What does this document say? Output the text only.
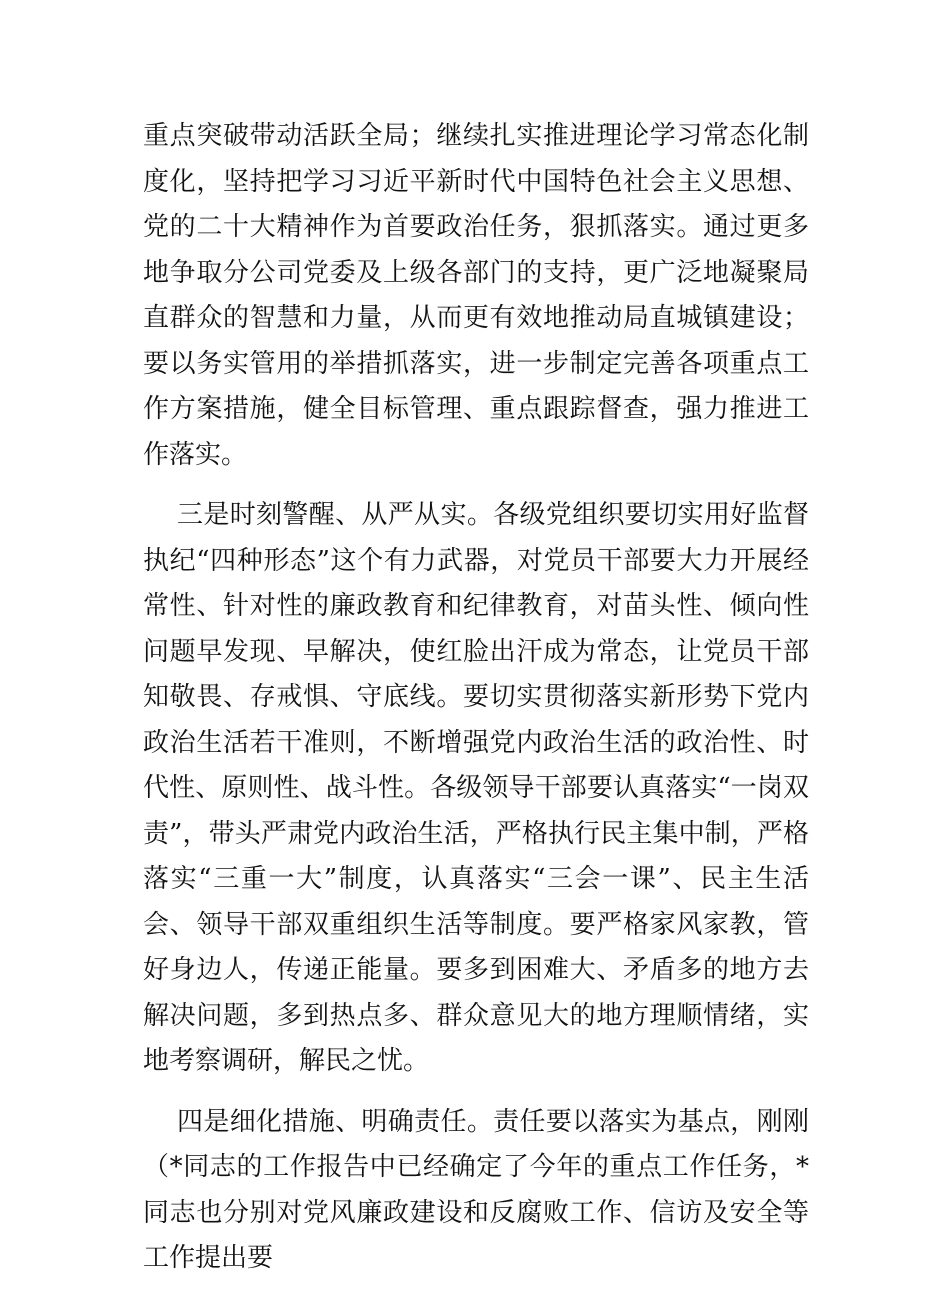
重点突破带动活跃全局；继续扎实推进理论学习常态化制度化，坚持把学习习近平新时代中国特色社会主义思想、党的二十大精神作为首要政治任务，狠抓落实。通过更多地争取分公司党委及上级各部门的支持，更广泛地凝聚局直群众的智慧和力量，从而更有效地推动局直城镇建设；要以务实管用的举措抓落实，进一步制定完善各项重点工作方案措施，健全目标管理、重点跟踪督查，强力推进工作落实。

三是时刻警醒、从严从实。各级党组织要切实用好监督执纪“四种形态”这个有力武器，对党员干部要大力开展经常性、针对性的廉政教育和纪律教育，对苗头性、倾向性问题早发现、早解决，使红脸出汗成为常态，让党员干部知敬畏、存戒惧、守底线。要切实贯彻落实新形势下党内政治生活若干准则，不断增强党内政治生活的政治性、时代性、原则性、战斗性。各级领导干部要认真落实“一岗双责”，带头严肃党内政治生活，严格执行民主集中制，严格落实“三重一大”制度，认真落实“三会一课”、民主生活会、领导干部双重组织生活等制度。要严格家风家教，管好身边人，传递正能量。要多到困难大、矛盾多的地方去解决问题，多到热点多、群众意见大的地方理顺情绪，实地考察调研，解民之忧。

四是细化措施、明确责任。责任要以落实为基点，刚刚（*同志的工作报告中已经确定了今年的重点工作任务，*同志也分别对党风廉政建设和反腐败工作、信访及安全等工作提出要
